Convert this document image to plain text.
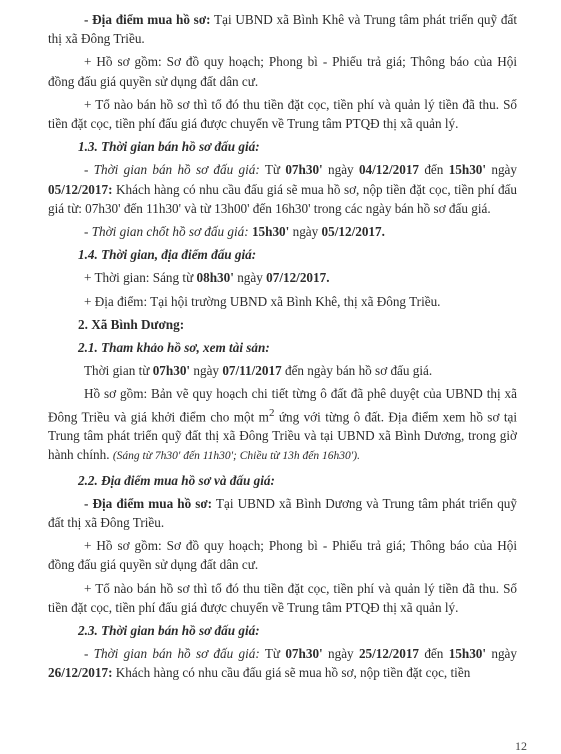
- Địa điểm mua hồ sơ: Tại UBND xã Bình Khê và Trung tâm phát triển quỹ đất thị xã Đông Triều.

+ Hồ sơ gồm: Sơ đồ quy hoạch; Phong bì - Phiếu trả giá; Thông báo của Hội đồng đấu giá quyền sử dụng đất dân cư.

+ Tổ nào bán hồ sơ thì tổ đó thu tiền đặt cọc, tiền phí và quản lý tiền đã thu. Số tiền đặt cọc, tiền phí đấu giá được chuyển về Trung tâm PTQĐ thị xã quản lý.

1.3. Thời gian bán hồ sơ đấu giá:

- Thời gian bán hồ sơ đấu giá: Từ 07h30' ngày 04/12/2017 đến 15h30' ngày 05/12/2017: Khách hàng có nhu cầu đấu giá sẽ mua hồ sơ, nộp tiền đặt cọc, tiền phí đấu giá từ: 07h30' đến 11h30' và từ 13h00' đến 16h30' trong các ngày bán hồ sơ đấu giá.

- Thời gian chốt hồ sơ đấu giá: 15h30' ngày 05/12/2017.

1.4. Thời gian, địa điểm đấu giá:

+ Thời gian: Sáng từ 08h30' ngày 07/12/2017.

+ Địa điểm: Tại hội trường UBND xã Bình Khê, thị xã Đông Triều.

2. Xã Bình Dương:

2.1. Tham khảo hồ sơ, xem tài sản:

Thời gian từ 07h30' ngày 07/11/2017 đến ngày bán hồ sơ đấu giá.

Hồ sơ gồm: Bản vẽ quy hoạch chi tiết từng ô đất đã phê duyệt của UBND thị xã Đông Triều và giá khởi điểm cho một $m^2$ ứng với từng ô đất. Địa điểm xem hồ sơ tại Trung tâm phát triển quỹ đất thị xã Đông Triều và tại UBND xã Bình Dương, trong giờ hành chính. (Sáng từ 7h30' đến 11h30'; Chiều từ 13h đến 16h30').

2.2. Địa điểm mua hồ sơ và đấu giá:

- Địa điểm mua hồ sơ: Tại UBND xã Bình Dương và Trung tâm phát triển quỹ đất thị xã Đông Triều.

+ Hồ sơ gồm: Sơ đồ quy hoạch; Phong bì - Phiếu trả giá; Thông báo của Hội đồng đấu giá quyền sử dụng đất dân cư.

+ Tổ nào bán hồ sơ thì tổ đó thu tiền đặt cọc, tiền phí và quản lý tiền đã thu. Số tiền đặt cọc, tiền phí đấu giá được chuyển về Trung tâm PTQĐ thị xã quản lý.

2.3. Thời gian bán hồ sơ đấu giá:

- Thời gian bán hồ sơ đấu giá: Từ 07h30' ngày 25/12/2017 đến 15h30' ngày 26/12/2017: Khách hàng có nhu cầu đấu giá sẽ mua hồ sơ, nộp tiền đặt cọc, tiền

12
